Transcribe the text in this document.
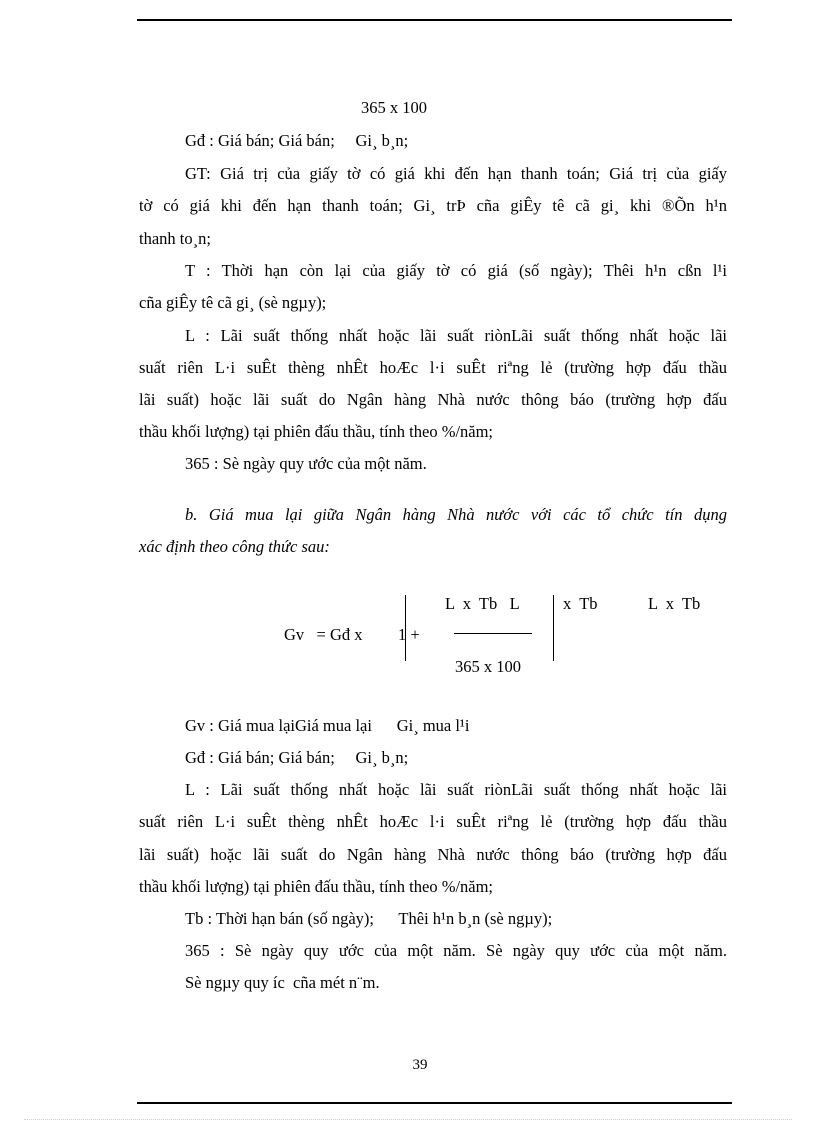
365 x 100
Gđ : Giá bán; Giá bán;     Gi¸ b¸n;
GT: Giá trị của giấy tờ có giá khi đến hạn thanh toán; Giá trị của giấy
tờ có giá khi đến hạn thanh toán; Gi¸ trÞ cña giÊy tê cã gi¸ khi ®Õn h¹n
thanh to¸n;
T : Thời hạn còn lại của giấy tờ có giá (số ngày); Thêi h¹n cßn l¹i
cña giÊy tê cã gi¸ (sè ngµy);
L : Lãi suất thống nhất hoặc lãi suất riònLãi suất thống nhất hoặc lãi
suất riên L·i suÊt thèng nhÊt hoÆc l·i suÊt riªng lẻ (trường hợp đấu thầu
lãi suất) hoặc lãi suất do Ngân hàng Nhà nước thông báo (trường hợp đấu
thầu khối lượng) tại phiên đấu thầu, tính theo %/năm;
365 : Sè ngày quy ước của một năm.
b. Giá mua lại giữa Ngân hàng Nhà nước với các tổ chức tín dụng
xác định theo công thức sau:
Gv   = Gđ x 1 +
L  x  Tb   L
365 x 100
x  Tb	L  x  Tb
Gv : Giá mua lạiGiá mua lại      Gi¸ mua l¹i
Gđ : Giá bán; Giá bán;     Gi¸ b¸n;
L : Lãi suất thống nhất hoặc lãi suất riònLãi suất thống nhất hoặc lãi
suất riên L·i suÊt thèng nhÊt hoÆc l·i suÊt riªng lẻ (trường hợp đấu thầu
lãi suất) hoặc lãi suất do Ngân hàng Nhà nước thông báo (trường hợp đấu
thầu khối lượng) tại phiên đấu thầu, tính theo %/năm;
Tb : Thời hạn bán (số ngày);      Thêi h¹n b¸n (sè ngµy);
365 : Sè ngày quy ước của một năm. Sè ngày quy ước của một năm.
Sè ngµy quy íc  cña mét n¨m.
39
